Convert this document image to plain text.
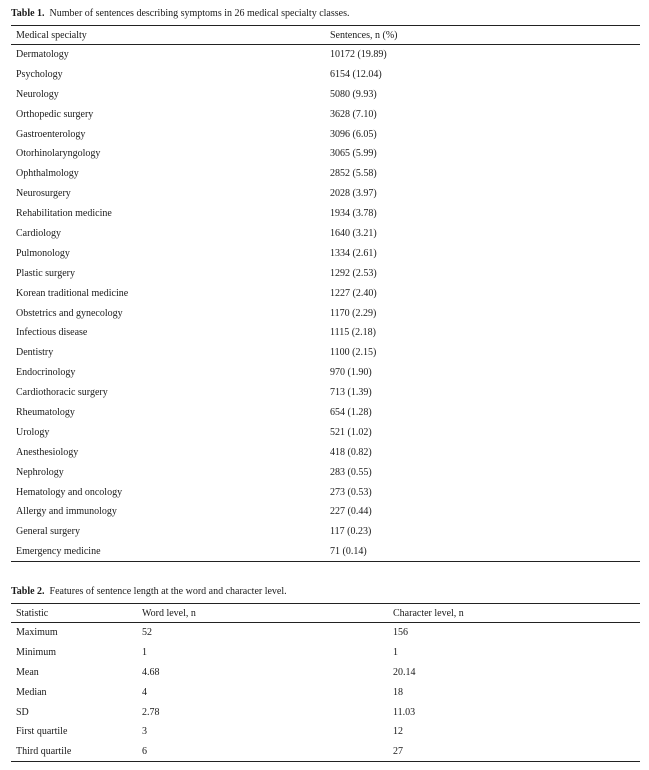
Table 1. Number of sentences describing symptoms in 26 medical specialty classes.
Medical specialty	Sentences, n (%)
Dermatology	10172 (19.89)
Psychology	6154 (12.04)
Neurology	5080 (9.93)
Orthopedic surgery	3628 (7.10)
Gastroenterology	3096 (6.05)
Otorhinolaryngology	3065 (5.99)
Ophthalmology	2852 (5.58)
Neurosurgery	2028 (3.97)
Rehabilitation medicine	1934 (3.78)
Cardiology	1640 (3.21)
Pulmonology	1334 (2.61)
Plastic surgery	1292 (2.53)
Korean traditional medicine	1227 (2.40)
Obstetrics and gynecology	1170 (2.29)
Infectious disease	1115 (2.18)
Dentistry	1100 (2.15)
Endocrinology	970 (1.90)
Cardiothoracic surgery	713 (1.39)
Rheumatology	654 (1.28)
Urology	521 (1.02)
Anesthesiology	418 (0.82)
Nephrology	283 (0.55)
Hematology and oncology	273 (0.53)
Allergy and immunology	227 (0.44)
General surgery	117 (0.23)
Emergency medicine	71 (0.14)
Table 2. Features of sentence length at the word and character level.
Statistic	Word level, n	Character level, n
Maximum	52	156
Minimum	1	1
Mean	4.68	20.14
Median	4	18
SD	2.78	11.03
First quartile	3	12
Third quartile	6	27
